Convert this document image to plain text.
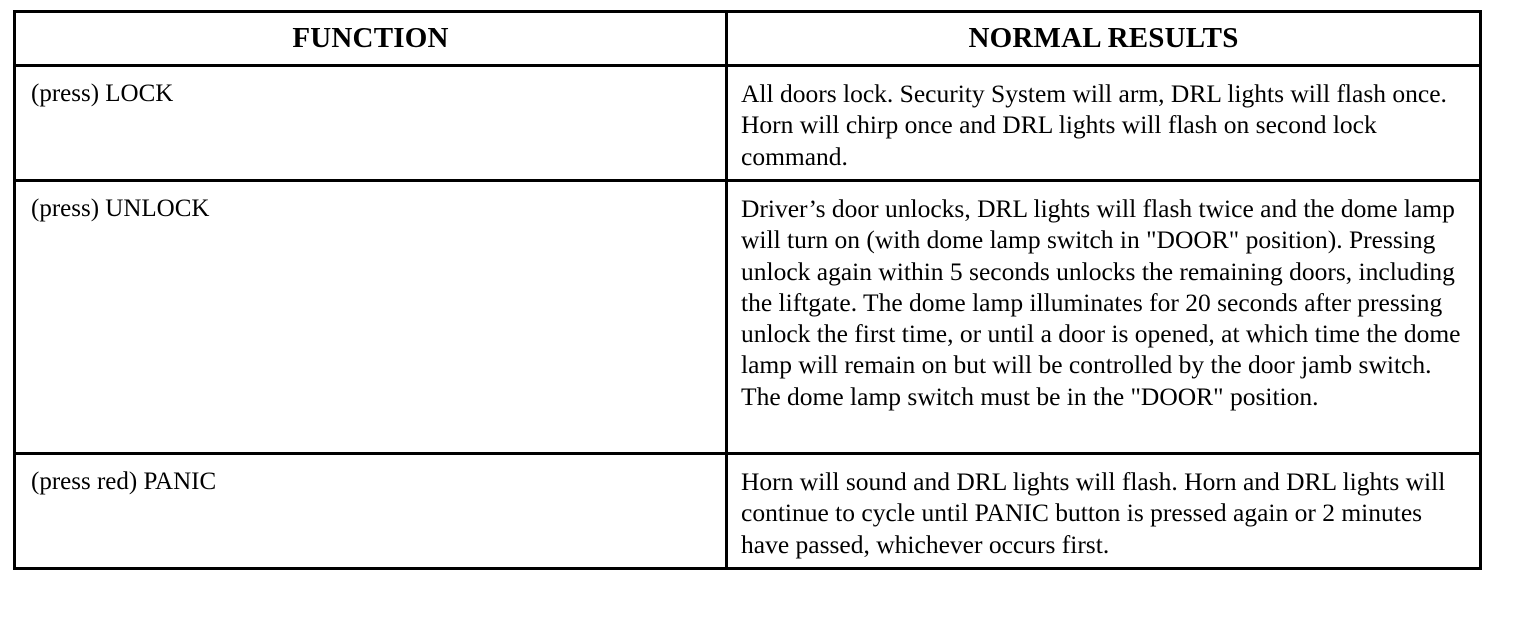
FUNCTION	NORMAL RESULTS
(press) LOCK	All doors lock. Security System will arm, DRL lights will flash once. Horn will chirp once and DRL lights will flash on second lock command.
(press) UNLOCK	Driver’s door unlocks, DRL lights will flash twice and the dome lamp will turn on (with dome lamp switch in "DOOR" position). Pressing unlock again within 5 seconds unlocks the remaining doors, including the liftgate. The dome lamp illuminates for 20 seconds after pressing unlock the first time, or until a door is opened, at which time the dome lamp will remain on but will be controlled by the door jamb switch. The dome lamp switch must be in the "DOOR" position.
(press red) PANIC	Horn will sound and DRL lights will flash. Horn and DRL lights will continue to cycle until PANIC button is pressed again or 2 minutes have passed, whichever occurs first.
